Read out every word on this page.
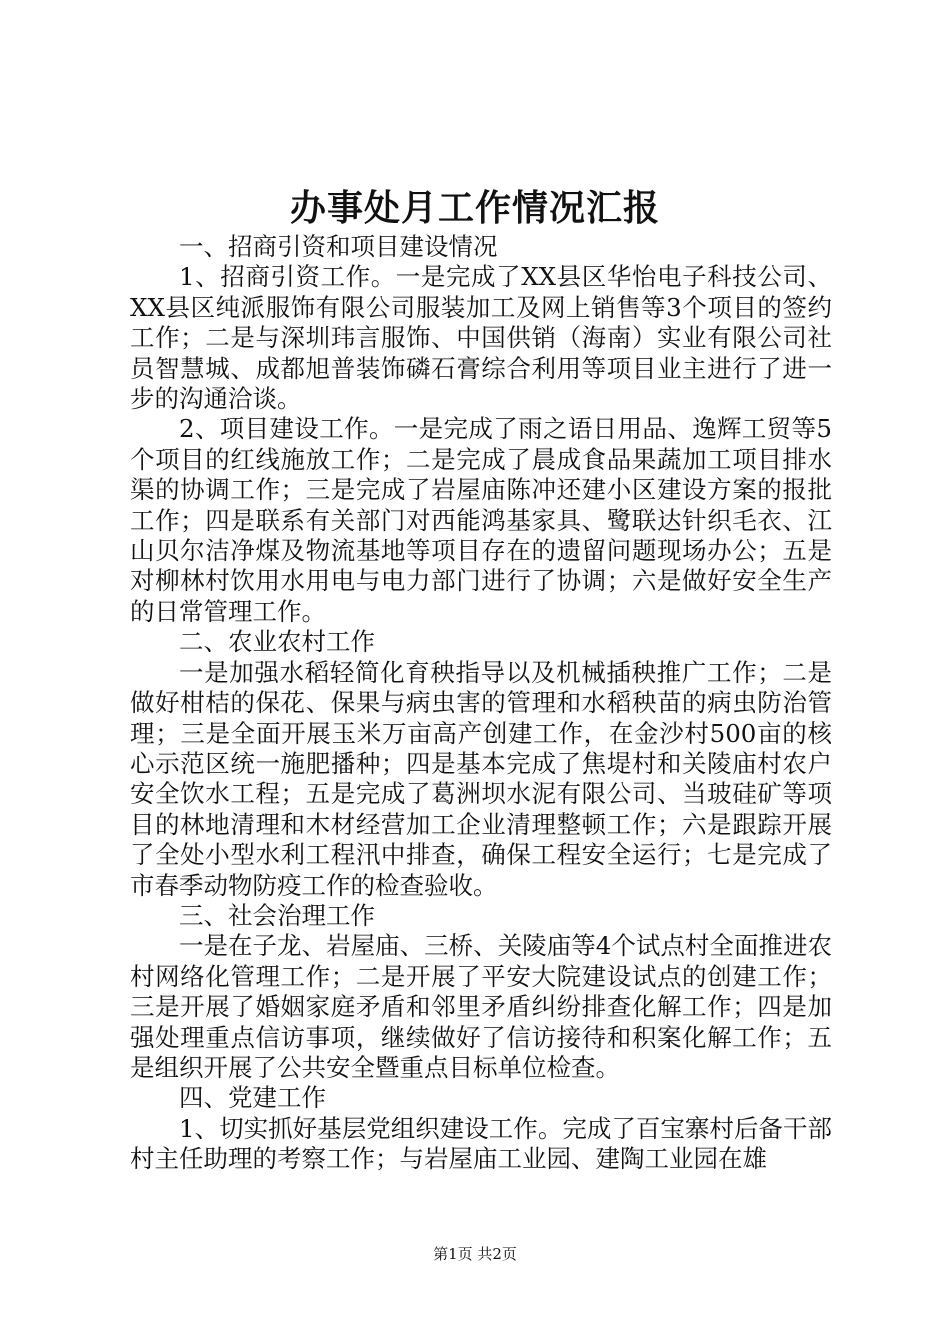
办事处月工作情况汇报

一、招商引资和项目建设情况

1、招商引资工作。一是完成了XX县区华怡电子科技公司、XX县区纯派服饰有限公司服装加工及网上销售等3个项目的签约工作；二是与深圳玮言服饰、中国供销（海南）实业有限公司社员智慧城、成都旭普装饰磷石膏综合利用等项目业主进行了进一步的沟通洽谈。

2、项目建设工作。一是完成了雨之语日用品、逸辉工贸等5个项目的红线施放工作；二是完成了晨成食品果蔬加工项目排水渠的协调工作；三是完成了岩屋庙陈冲还建小区建设方案的报批工作；四是联系有关部门对西能鸿基家具、鹭联达针织毛衣、江山贝尔洁净煤及物流基地等项目存在的遗留问题现场办公；五是对柳林村饮用水用电与电力部门进行了协调；六是做好安全生产的日常管理工作。

二、农业农村工作

一是加强水稻轻简化育秧指导以及机械插秧推广工作；二是做好柑桔的保花、保果与病虫害的管理和水稻秧苗的病虫防治管理；三是全面开展玉米万亩高产创建工作，在金沙村500亩的核心示范区统一施肥播种；四是基本完成了焦堤村和关陵庙村农户安全饮水工程；五是完成了葛洲坝水泥有限公司、当玻硅矿等项目的林地清理和木材经营加工企业清理整顿工作；六是跟踪开展了全处小型水利工程汛中排查，确保工程安全运行；七是完成了市春季动物防疫工作的检查验收。

三、社会治理工作

一是在子龙、岩屋庙、三桥、关陵庙等4个试点村全面推进农村网络化管理工作；二是开展了平安大院建设试点的创建工作；三是开展了婚姻家庭矛盾和邻里矛盾纠纷排查化解工作；四是加强处理重点信访事项，继续做好了信访接待和积案化解工作；五是组织开展了公共安全暨重点目标单位检查。

四、党建工作

1、切实抓好基层党组织建设工作。完成了百宝寨村后备干部村主任助理的考察工作；与岩屋庙工业园、建陶工业园在雄

第1页 共2页
